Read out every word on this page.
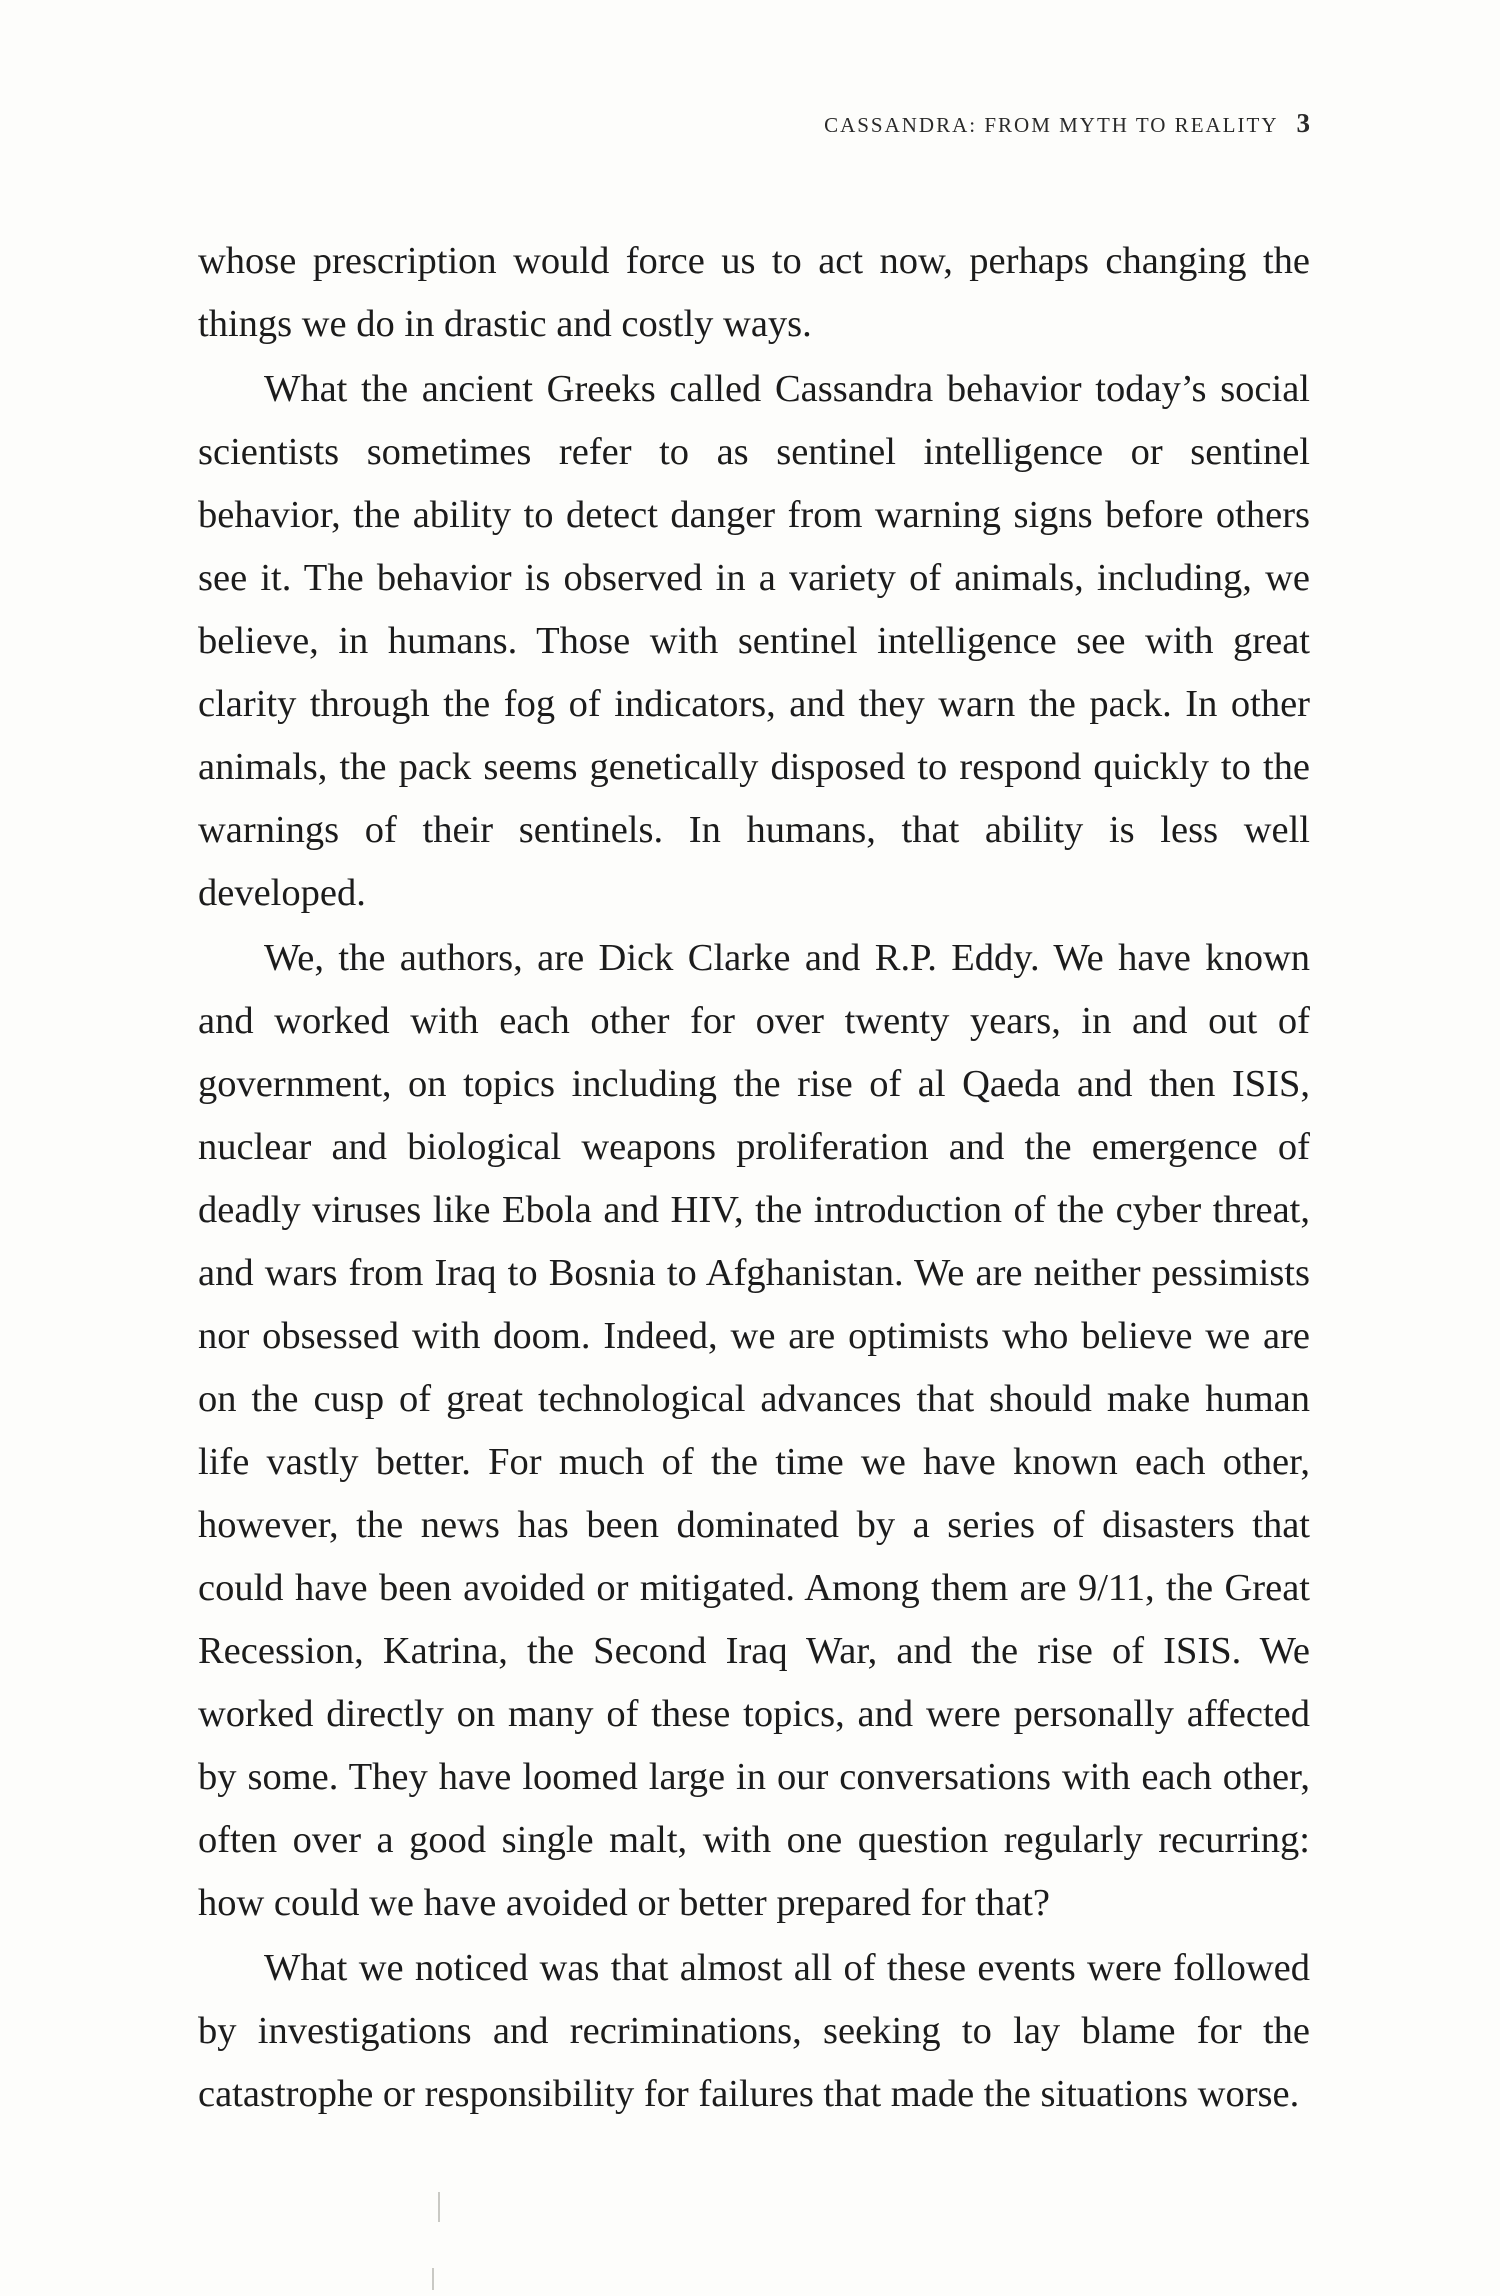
CASSANDRA: FROM MYTH TO REALITY 3

whose prescription would force us to act now, perhaps changing the things we do in drastic and costly ways.

What the ancient Greeks called Cassandra behavior today’s social scientists sometimes refer to as sentinel intelligence or sentinel behavior, the ability to detect danger from warning signs before others see it. The behavior is observed in a variety of animals, including, we believe, in humans. Those with sentinel intelligence see with great clarity through the fog of indicators, and they warn the pack. In other animals, the pack seems genetically disposed to respond quickly to the warnings of their sentinels. In humans, that ability is less well developed.

We, the authors, are Dick Clarke and R.P. Eddy. We have known and worked with each other for over twenty years, in and out of government, on topics including the rise of al Qaeda and then ISIS, nuclear and biological weapons proliferation and the emergence of deadly viruses like Ebola and HIV, the introduction of the cyber threat, and wars from Iraq to Bosnia to Afghanistan. We are neither pessimists nor obsessed with doom. Indeed, we are optimists who believe we are on the cusp of great technological advances that should make human life vastly better. For much of the time we have known each other, however, the news has been dominated by a series of disasters that could have been avoided or mitigated. Among them are 9/11, the Great Recession, Katrina, the Second Iraq War, and the rise of ISIS. We worked directly on many of these topics, and were personally affected by some. They have loomed large in our conversations with each other, often over a good single malt, with one question regularly recurring: how could we have avoided or better prepared for that?

What we noticed was that almost all of these events were followed by investigations and recriminations, seeking to lay blame for the catastrophe or responsibility for failures that made the situations worse.
